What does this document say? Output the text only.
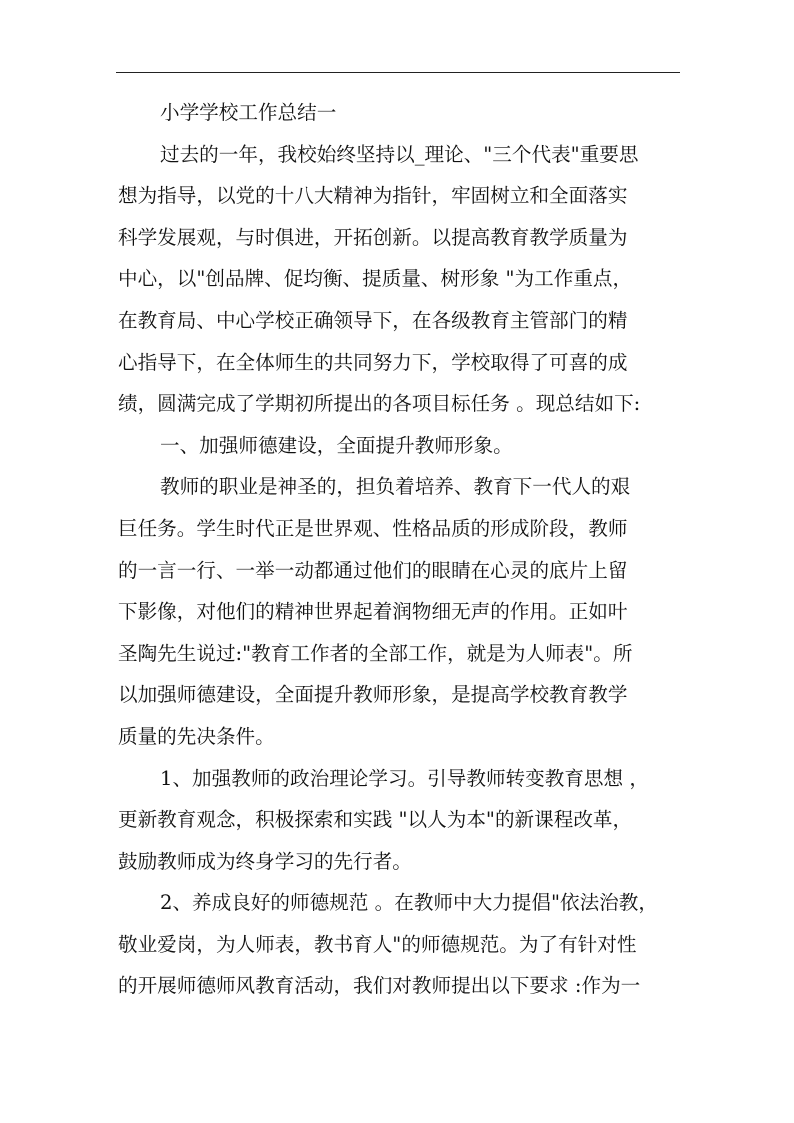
小学学校工作总结一
过去的一年，我校始终坚持以_理论、"三个代表"重要思
想为指导，以党的十八大精神为指针，牢固树立和全面落实
科学发展观，与时俱进，开拓创新。以提高教育教学质量为
中心，以"创品牌、促均衡、提质量、树形象 "为工作重点，
在教育局、中心学校正确领导下，在各级教育主管部门的精
心指导下，在全体师生的共同努力下，学校取得了可喜的成
绩，圆满完成了学期初所提出的各项目标任务 。现总结如下:
一、加强师德建设，全面提升教师形象。
教师的职业是神圣的，担负着培养、教育下一代人的艰
巨任务。学生时代正是世界观、性格品质的形成阶段，教师
的一言一行、一举一动都通过他们的眼睛在心灵的底片上留
下影像，对他们的精神世界起着润物细无声的作用。正如叶
圣陶先生说过:"教育工作者的全部工作，就是为人师表"。所
以加强师德建设，全面提升教师形象，是提高学校教育教学
质量的先决条件。
1、加强教师的政治理论学习。引导教师转变教育思想 ，
更新教育观念，积极探索和实践 "以人为本"的新课程改革，
鼓励教师成为终身学习的先行者。
2、养成良好的师德规范 。在教师中大力提倡"依法治教，
敬业爱岗，为人师表，教书育人"的师德规范。为了有针对性
的开展师德师风教育活动，我们对教师提出以下要求 :作为一
